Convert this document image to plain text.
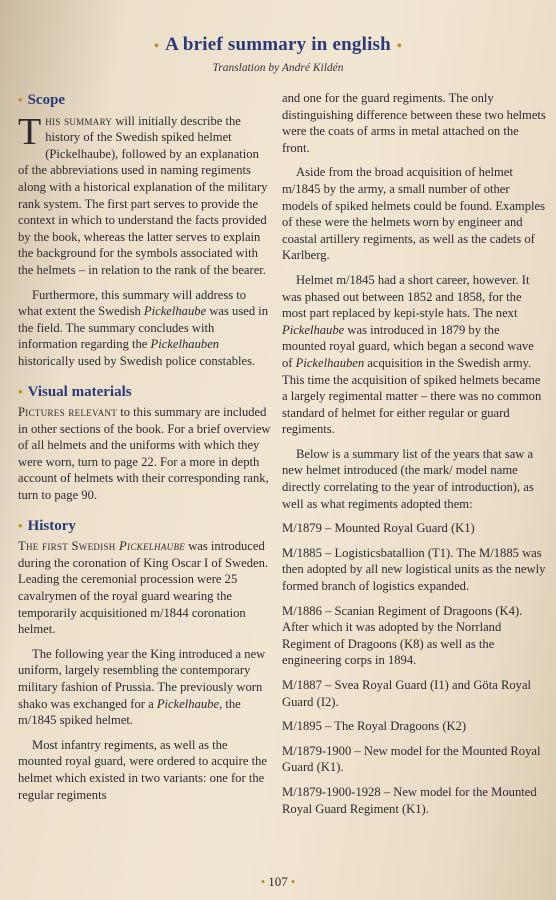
• A brief summary in english •
Translation by André Kildén
• Scope

This summary will initially describe the history of the Swedish spiked helmet (Pickelhaube), followed by an explanation of the abbreviations used in naming regiments along with a historical explanation of the military rank system. The first part serves to provide the context in which to understand the facts provided by the book, whereas the latter serves to explain the background for the symbols associated with the helmets – in relation to the rank of the bearer.

Furthermore, this summary will address to what extent the Swedish Pickelhaube was used in the field. The summary concludes with information regarding the Pickelhauben historically used by Swedish police constables.

• Visual materials

Pictures relevant to this summary are included in other sections of the book. For a brief overview of all helmets and the uniforms with which they were worn, turn to page 22. For a more in depth account of helmets with their corresponding rank, turn to page 90.

• History

The first Swedish Pickelhaube was introduced during the coronation of King Oscar I of Sweden. Leading the ceremonial procession were 25 cavalrymen of the royal guard wearing the temporarily acquisitioned m/1844 coronation helmet.

The following year the King introduced a new uniform, largely resembling the contemporary military fashion of Prussia. The previously worn shako was exchanged for a Pickelhaube, the m/1845 spiked helmet.

Most infantry regiments, as well as the mounted royal guard, were ordered to acquire the helmet which existed in two variants: one for the regular regiments

and one for the guard regiments. The only distinguishing difference between these two helmets were the coats of arms in metal attached on the front.

Aside from the broad acquisition of helmet m/1845 by the army, a small number of other models of spiked helmets could be found. Examples of these were the helmets worn by engineer and coastal artillery regiments, as well as the cadets of Karlberg.

Helmet m/1845 had a short career, however. It was phased out between 1852 and 1858, for the most part replaced by kepi-style hats. The next Pickelhaube was introduced in 1879 by the mounted royal guard, which began a second wave of Pickelhauben acquisition in the Swedish army. This time the acquisition of spiked helmets became a largely regimental matter – there was no common standard of helmet for either regular or guard regiments.

Below is a summary list of the years that saw a new helmet introduced (the mark/ model name directly correlating to the year of introduction), as well as what regiments adopted them:

M/1879 – Mounted Royal Guard (K1)

M/1885 – Logisticsbatallion (T1). The M/1885 was then adopted by all new logistical units as the newly formed branch of logistics expanded.

M/1886 – Scanian Regiment of Dragoons (K4). After which it was adopted by the Norrland Regiment of Dragoons (K8) as well as the engineering corps in 1894.

M/1887 – Svea Royal Guard (I1) and Göta Royal Guard (I2).

M/1895 – The Royal Dragoons (K2)

M/1879-1900 – New model for the Mounted Royal Guard (K1).

M/1879-1900-1928 – New model for the Mounted Royal Guard Regiment (K1).

• 107 •
